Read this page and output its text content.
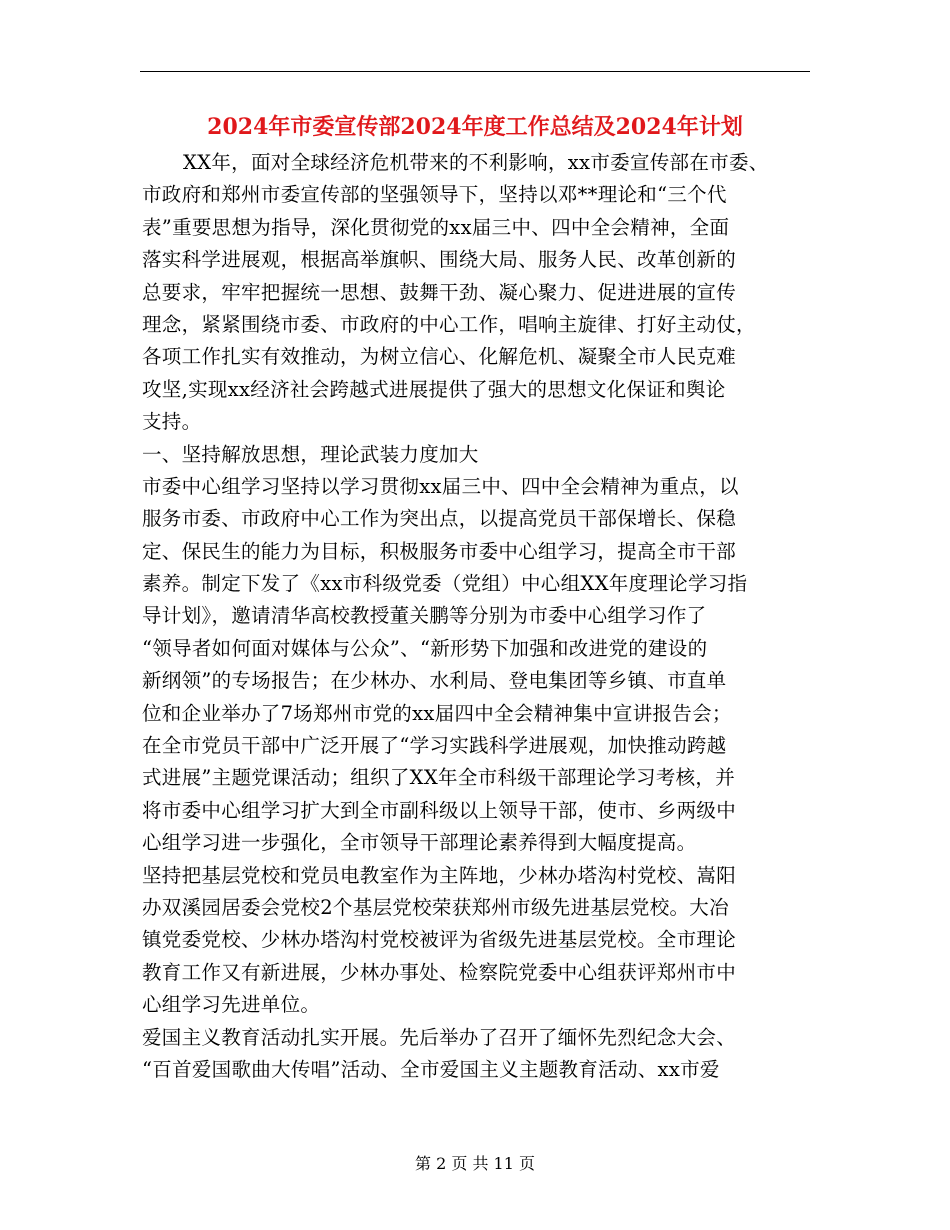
2024年市委宣传部2024年度工作总结及2024年计划
XX年，面对全球经济危机带来的不利影响，xx市委宣传部在市委、
市政府和郑州市委宣传部的坚强领导下，坚持以邓**理论和“三个代
表”重要思想为指导，深化贯彻党的xx届三中、四中全会精神，全面
落实科学进展观，根据高举旗帜、围绕大局、服务人民、改革创新的
总要求，牢牢把握统一思想、鼓舞干劲、凝心聚力、促进进展的宣传
理念，紧紧围绕市委、市政府的中心工作，唱响主旋律、打好主动仗，
各项工作扎实有效推动，为树立信心、化解危机、凝聚全市人民克难
攻坚,实现xx经济社会跨越式进展提供了强大的思想文化保证和舆论
支持。
一、坚持解放思想，理论武装力度加大
市委中心组学习坚持以学习贯彻xx届三中、四中全会精神为重点，以
服务市委、市政府中心工作为突出点，以提高党员干部保增长、保稳
定、保民生的能力为目标，积极服务市委中心组学习，提高全市干部
素养。制定下发了《xx市科级党委（党组）中心组XX年度理论学习指
导计划》，邀请清华高校教授董关鹏等分别为市委中心组学习作了
“领导者如何面对媒体与公众”、“新形势下加强和改进党的建设的
新纲领”的专场报告；在少林办、水利局、登电集团等乡镇、市直单
位和企业举办了7场郑州市党的xx届四中全会精神集中宣讲报告会；
在全市党员干部中广泛开展了“学习实践科学进展观，加快推动跨越
式进展”主题党课活动；组织了XX年全市科级干部理论学习考核，并
将市委中心组学习扩大到全市副科级以上领导干部，使市、乡两级中
心组学习进一步强化，全市领导干部理论素养得到大幅度提高。
坚持把基层党校和党员电教室作为主阵地，少林办塔沟村党校、嵩阳
办双溪园居委会党校2个基层党校荣获郑州市级先进基层党校。大冶
镇党委党校、少林办塔沟村党校被评为省级先进基层党校。全市理论
教育工作又有新进展，少林办事处、检察院党委中心组获评郑州市中
心组学习先进单位。
爱国主义教育活动扎实开展。先后举办了召开了缅怀先烈纪念大会、
“百首爱国歌曲大传唱”活动、全市爱国主义主题教育活动、xx市爱
第 2 页 共 11 页
